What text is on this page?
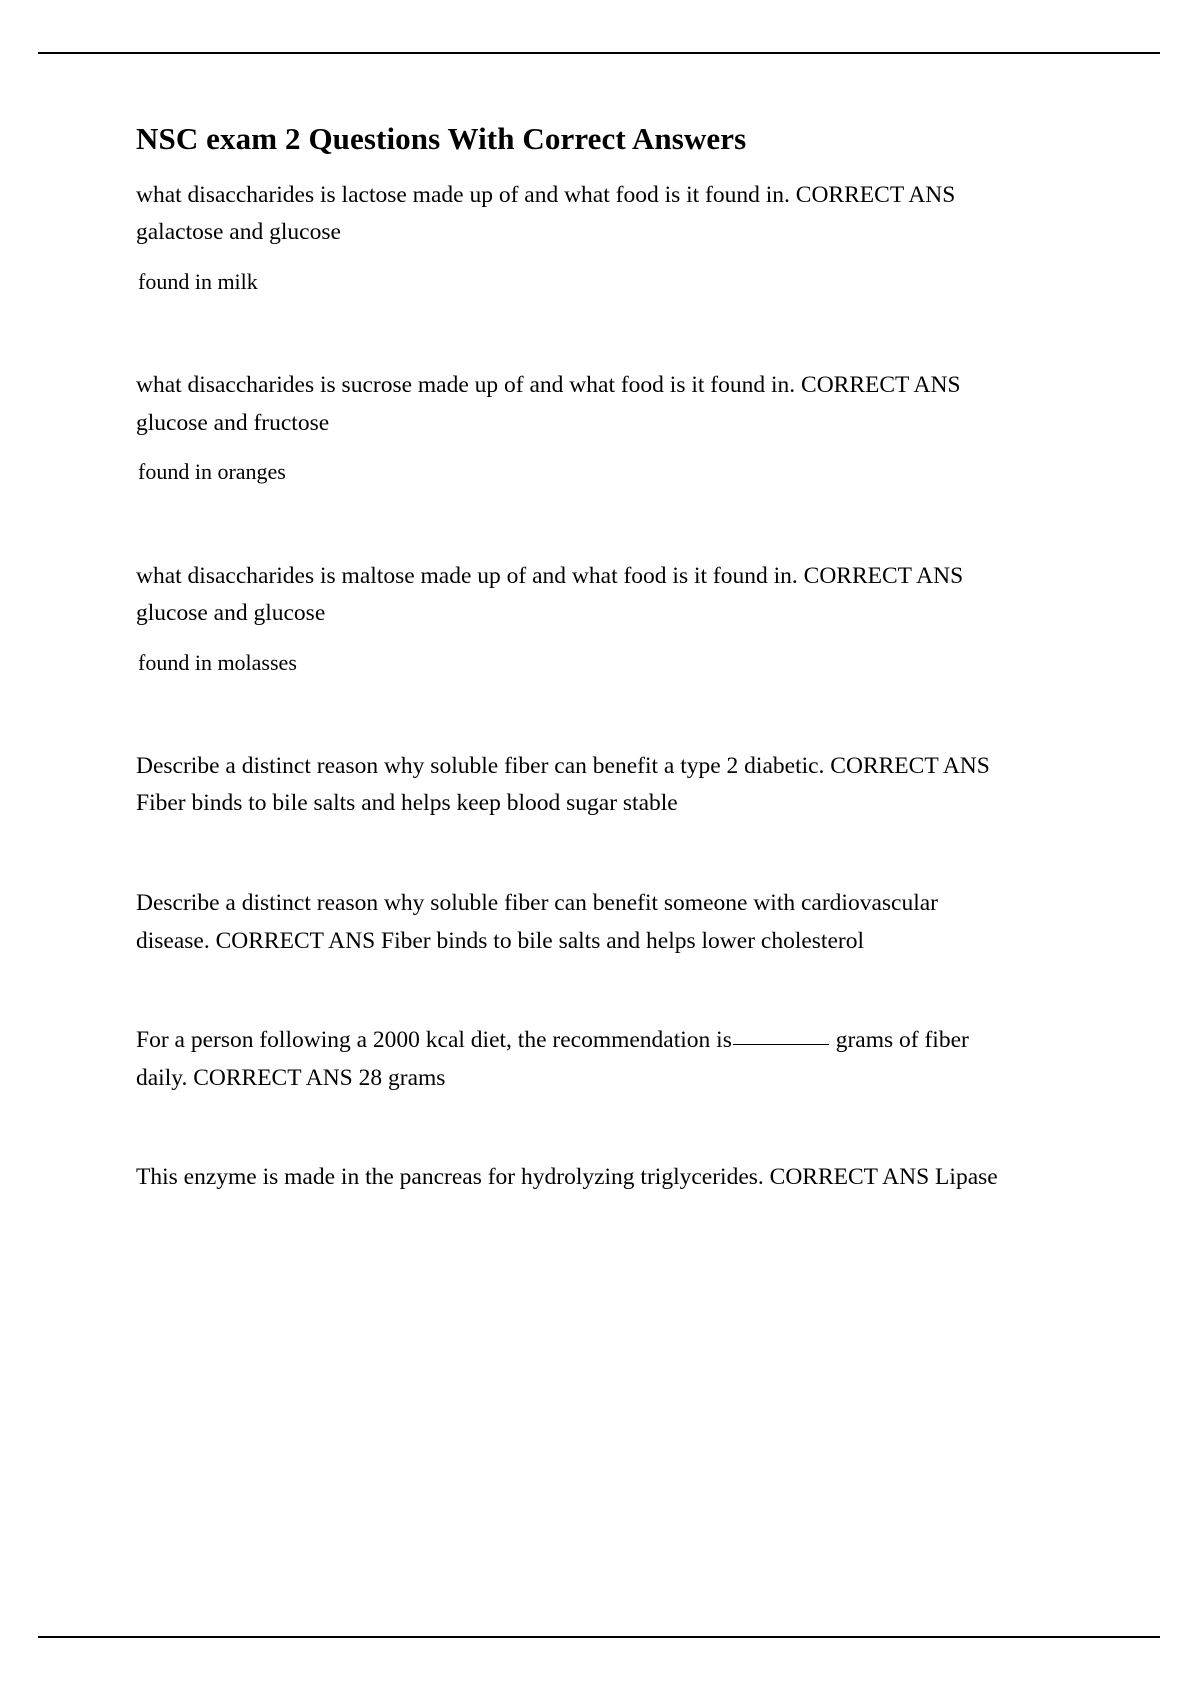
NSC exam 2 Questions With Correct Answers

what disaccharides is lactose made up of and what food is it found in. CORRECT ANS galactose and glucose

found in milk

what disaccharides is sucrose made up of and what food is it found in. CORRECT ANS glucose and fructose

found in oranges

what disaccharides is maltose made up of and what food is it found in. CORRECT ANS glucose and glucose

found in molasses

Describe a distinct reason why soluble fiber can benefit a type 2 diabetic. CORRECT ANS Fiber binds to bile salts and helps keep blood sugar stable

Describe a distinct reason why soluble fiber can benefit someone with cardiovascular disease. CORRECT ANS Fiber binds to bile salts and helps lower cholesterol

For a person following a 2000 kcal diet, the recommendation is	grams of fiber daily. CORRECT ANS 28 grams

This enzyme is made in the pancreas for hydrolyzing triglycerides. CORRECT ANS Lipase
